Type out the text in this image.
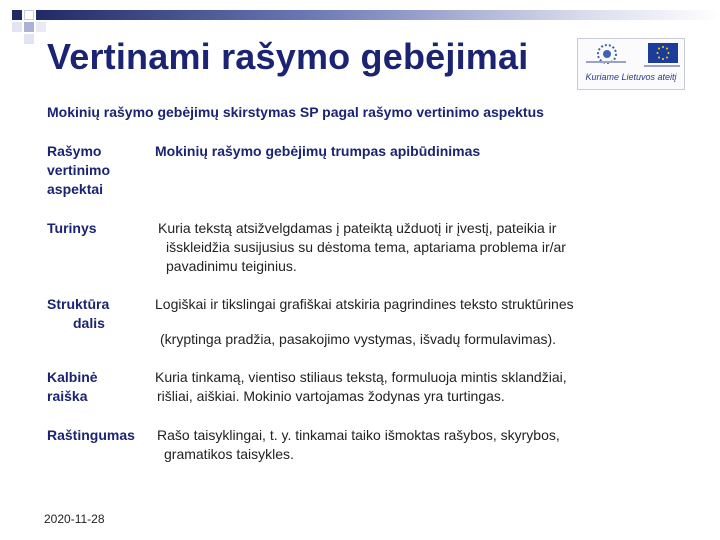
Vertinami rašymo gebėjimai	Kuriame Lietuvos ateitį
Mokinių rašymo gebėjimų skirstymas SP pagal rašymo vertinimo aspektus
Rašymo
vertinimo
aspektai
Mokinių rašymo gebėjimų trumpas apibūdinimas
Turinys	Kuria tekstą atsižvelgdamas į pateiktą užduotį ir įvestį, pateikia ir
išskleidžia susijusius su dėstoma tema, aptariama problema ir/ar
pavadinimu teiginius.
Struktūra
dalis
Logiškai ir tikslingai grafiškai atskiria pagrindines teksto struktūrines
(kryptinga pradžia, pasakojimo vystymas, išvadų formulavimas).
Kalbinė
raiška
Kuria tinkamą, vientiso stiliaus tekstą, formuluoja mintis sklandžiai,
rišliai, aiškiai. Mokinio vartojamas žodynas yra turtingas.
Raštingumas Rašo taisyklingai, t. y. tinkamai taiko išmoktas rašybos, skyrybos,
gramatikos taisykles.
2020-11-28
